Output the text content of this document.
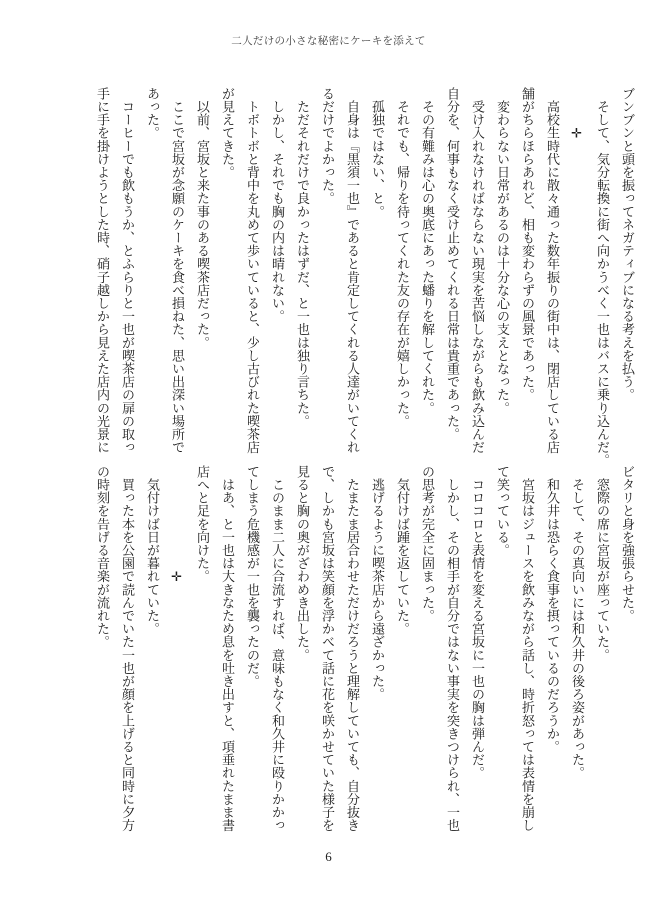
二人だけの小さな秘密にケーキを添えて

ブンブンと頭を振ってネガティブになる考えを払う。

　そして、気分転換に街へ向かうべく一也はバスに乗り込んだ。

　　　✛

　高校生時代に散々通った数年振りの街中は、閉店している店

舗がちらほらあれど、相も変わらずの風景であった。

　変わらない日常があるのは十分な心の支えとなった。

　受け入れなければならない現実を苦悩しながらも飲み込んだ

自分を、何事もなく受け止めてくれる日常は貴重であった。

　その有難みは心の奥底にあった蟠りを解してくれた。

　それでも、帰りを待ってくれた友の存在が嬉しかった。

　孤独ではない、と。

　自身は『黒須一也』であると肯定してくれる人達がいてくれ

るだけでよかった。

　ただそれだけで良かったはずだ、と一也は独り言ちた。

　しかし、それでも胸の内は晴れない。

　トボトボと背中を丸めて歩いていると、少し古びれた喫茶店

が見えてきた。

　以前、宮坂と来た事のある喫茶店だった。

　ここで宮坂が念願のケーキを食べ損ねた、思い出深い場所で

あった。

　コーヒーでも飲もうか、とふらりと一也が喫茶店の扉の取っ

手に手を掛けようとした時、硝子越しから見えた店内の光景に

ビタリと身を強張らせた。

　窓際の席に宮坂が座っていた。

　そして、その真向いには和久井の後ろ姿があった。

　和久井は恐らく食事を摂っているのだろうか。

　宮坂はジュースを飲みながら話し、時折怒っては表情を崩し

て笑っている。

　コロコロと表情を変える宮坂に一也の胸は弾んだ。

　しかし、その相手が自分ではない事実を突きつけられ、一也

の思考が完全に固まった。

　気付けば踵を返していた。

　逃げるように喫茶店から遠ざかった。

　たまたま居合わせただけだろうと理解していても、自分抜き

で、しかも宮坂は笑顔を浮かべて話に花を咲かせていた様子を

見ると胸の奥がざわめき出した。

　このまま二人に合流すれば、意味もなく和久井に殴りかかっ

てしまう危機感が一也を襲ったのだ。

　はあ、と一也は大きなため息を吐き出すと、項垂れたまま書

店へと足を向けた。

　　　　　　　　✛

　気付けば日が暮れていた。

　買った本を公園で読んでいた一也が顔を上げると同時に夕方

の時刻を告げる音楽が流れた。

6
